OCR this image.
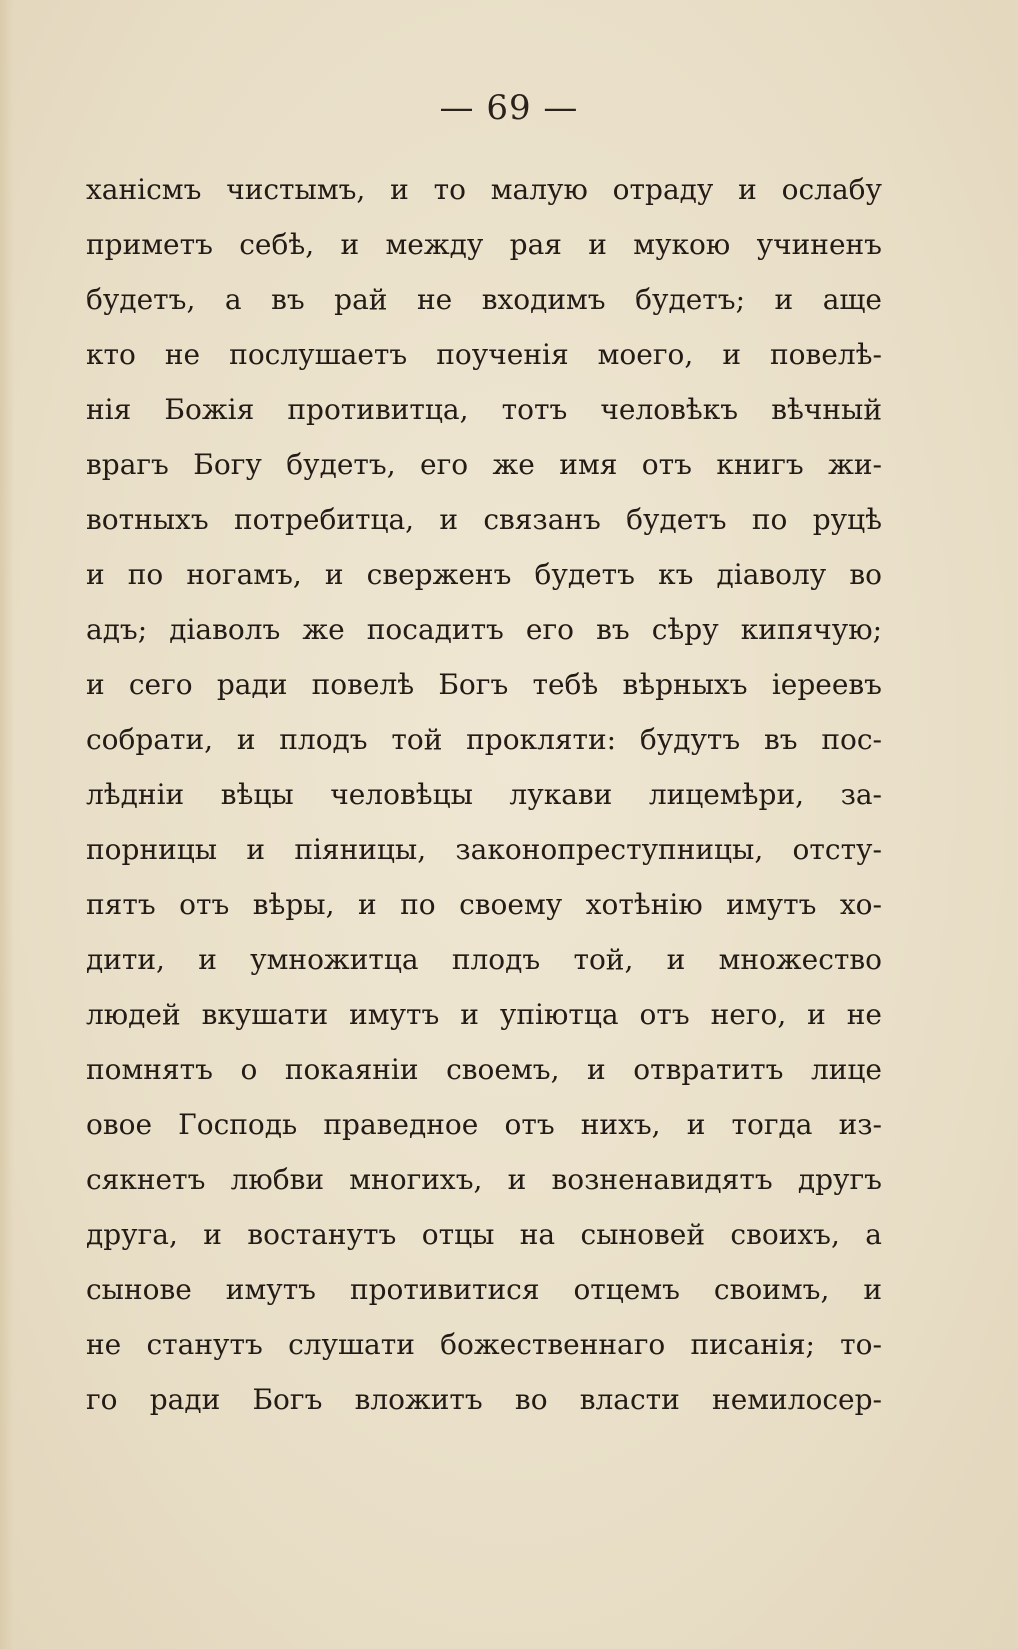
— 69 —
ханісмъ чистымъ, и то малую отраду и ослабу
приметъ себѣ, и между рая и мукою учиненъ
будетъ, а въ рай не входимъ будетъ; и аще
кто не послушаетъ поученія моего, и повелѣ-
нія Божія противитца, тотъ человѣкъ вѣчный
врагъ Богу будетъ, его же имя отъ книгъ жи-
вотныхъ потребитца, и связанъ будетъ по руцѣ
и по ногамъ, и сверженъ будетъ къ діаволу во
адъ; діаволъ же посадитъ его въ сѣру кипячую;
и сего ради повелѣ Богъ тебѣ вѣрныхъ іереевъ
собрати, и плодъ той прокляти: будутъ въ пос-
лѣдніи вѣцы человѣцы лукави лицемѣри, за-
порницы и піяницы, законопреступницы, отсту-
пятъ отъ вѣры, и по своему хотѣнію имутъ хо-
дити, и умножитца плодъ той, и множество
людей вкушати имутъ и упіютца отъ него, и не
помнятъ о покаяніи своемъ, и отвратитъ лице
овое Господь праведное отъ нихъ, и тогда из-
сякнетъ любви многихъ, и возненавидятъ другъ
друга, и востанутъ отцы на сыновей своихъ, а
сынове имутъ противитися отцемъ своимъ, и
не станутъ слушати божественнаго писанія; то-
го ради Богъ вложитъ во власти немилосер-
